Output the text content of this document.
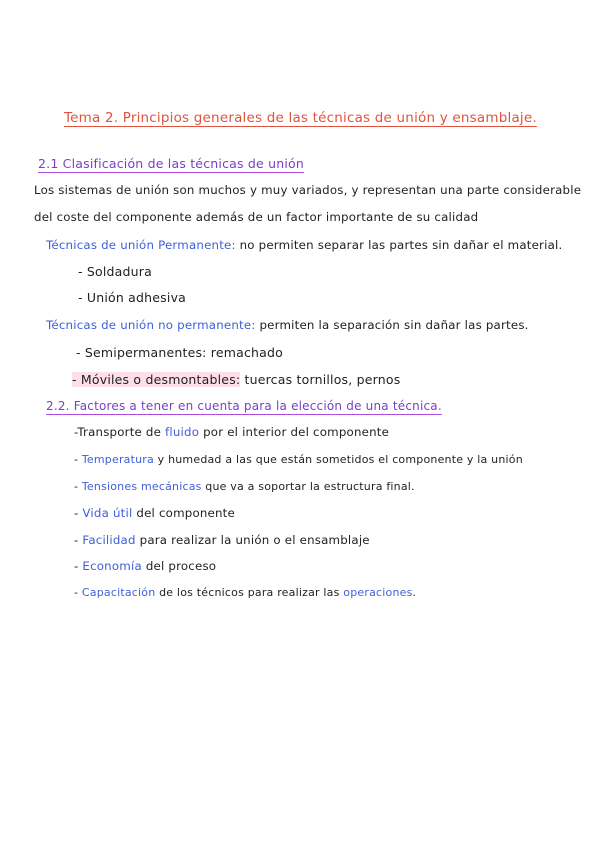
Tema 2. Principios generales de las técnicas de unión y ensamblaje.
2.1 Clasificación de las técnicas de unión
Los sistemas de unión son muchos y muy variados, y representan una parte considerable
del coste del componente además de un factor importante de su calidad
Técnicas de unión Permanente: no permiten separar las partes sin dañar el material.
- Soldadura
- Unión adhesiva
Técnicas de unión no permanente: permiten la separación sin dañar las partes.
- Semipermanentes: remachado
- Móviles o desmontables: tuercas tornillos, pernos
2.2. Factores a tener en cuenta para la elección de una técnica.
-Transporte de fluido por el interior del componente
- Temperatura y humedad a las que están sometidos el componente y la unión
- Tensiones mecánicas que va a soportar la estructura final.
- Vida útil del componente
- Facilidad para realizar la unión o el ensamblaje
- Economía del proceso
- Capacitación de los técnicos para realizar las operaciones.
